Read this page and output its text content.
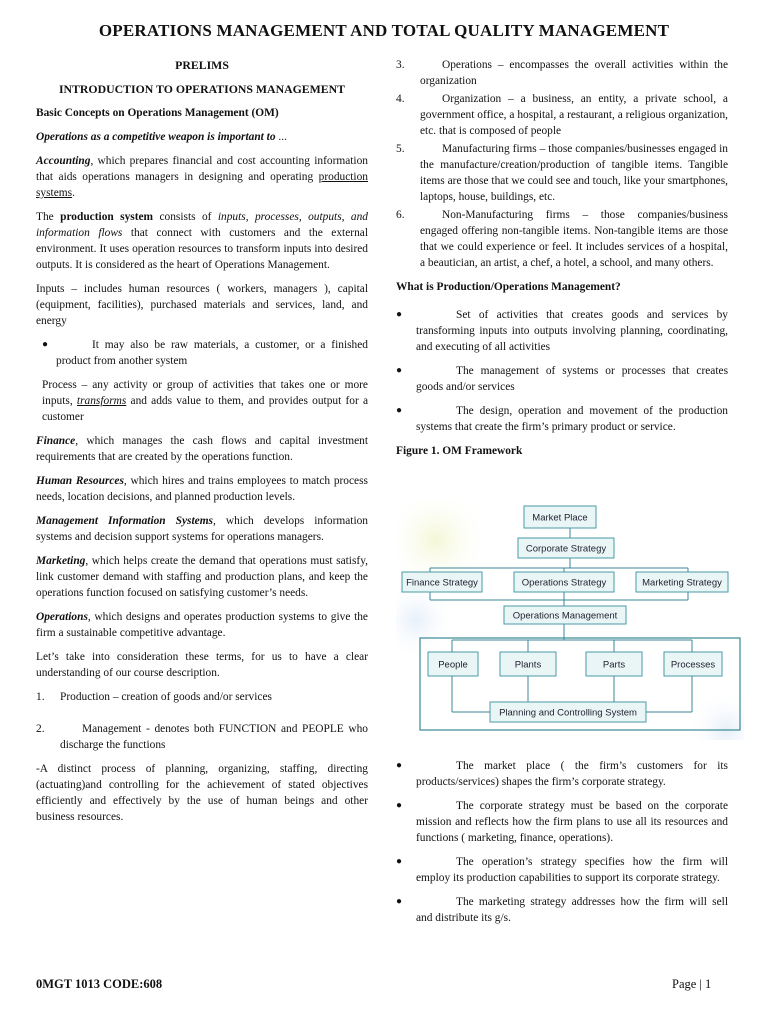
OPERATIONS MANAGEMENT AND TOTAL QUALITY MANAGEMENT

PRELIMS

INTRODUCTION TO OPERATIONS MANAGEMENT

Basic Concepts on Operations Management (OM)

Operations as a competitive weapon is important to ...

Accounting, which prepares financial and cost accounting information that aids operations managers in designing and operating production systems.

The production system consists of inputs, processes, outputs, and information flows that connect with customers and the external environment. It uses operation resources to transform inputs into desired outputs. It is considered as the heart of Operations Management.

Inputs – includes human resources ( workers, managers ), capital (equipment, facilities), purchased materials and services, land, and energy

●	It may also be raw materials, a customer, or a finished product from another system

Process – any activity or group of activities that takes one or more inputs, transforms and adds value to them, and provides output for a customer

Finance, which manages the cash flows and capital investment requirements that are created by the operations function.

Human Resources, which hires and trains employees to match process needs, location decisions, and planned production levels.

Management Information Systems, which develops information systems and decision support systems for operations managers.

Marketing, which helps create the demand that operations must satisfy, link customer demand with staffing and production plans, and keep the operations function focused on satisfying customer’s needs.

Operations, which designs and operates production systems to give the firm a sustainable competitive advantage.

Let’s take into consideration these terms, for us to have a clear understanding of our course description.

1.	Production – creation of goods and/or services
2.	Management - denotes both FUNCTION and PEOPLE who discharge the functions

-A distinct process of planning, organizing, staffing, directing (actuating)and controlling for the achievement of stated objectives efficiently and effectively by the use of human beings and other business resources.

3.	Operations – encompasses the overall activities within the organization
4.	Organization – a business, an entity, a private school, a government office, a hospital, a restaurant, a religious organization, etc. that is composed of people
5.	Manufacturing firms – those companies/businesses engaged in the manufacture/creation/production of tangible items. Tangible items are those that we could see and touch, like your smartphones, laptops, house, buildings, etc.
6.	Non-Manufacturing firms – those companies/business engaged offering non-tangible items. Non-tangible items are those that we could experience or feel. It includes services of a hospital, a beautician, an artist, a chef, a hotel, a school, and many others.

What is Production/Operations Management?

●	Set of activities that creates goods and services by transforming inputs into outputs involving planning, coordinating, and executing of all activities
●	The management of systems or processes that creates goods and/or services
●	The design, operation and movement of the production systems that create the firm’s primary product or service.

Figure 1. OM Framework

Market Place
Corporate Strategy
Finance Strategy	Operations Strategy	Marketing Strategy
Operations Management
People	Plants	Parts	Processes
Planning and Controlling System
●	The market place ( the firm’s customers for its products/services) shapes the firm’s corporate strategy.
●	The corporate strategy must be based on the corporate mission and reflects how the firm plans to use all its resources and functions ( marketing, finance, operations).
●	The operation’s strategy specifies how the firm will employ its production capabilities to support its corporate strategy.
●	The marketing strategy addresses how the firm will sell and distribute its g/s.
0MGT 1013 CODE:608	Page | 1
